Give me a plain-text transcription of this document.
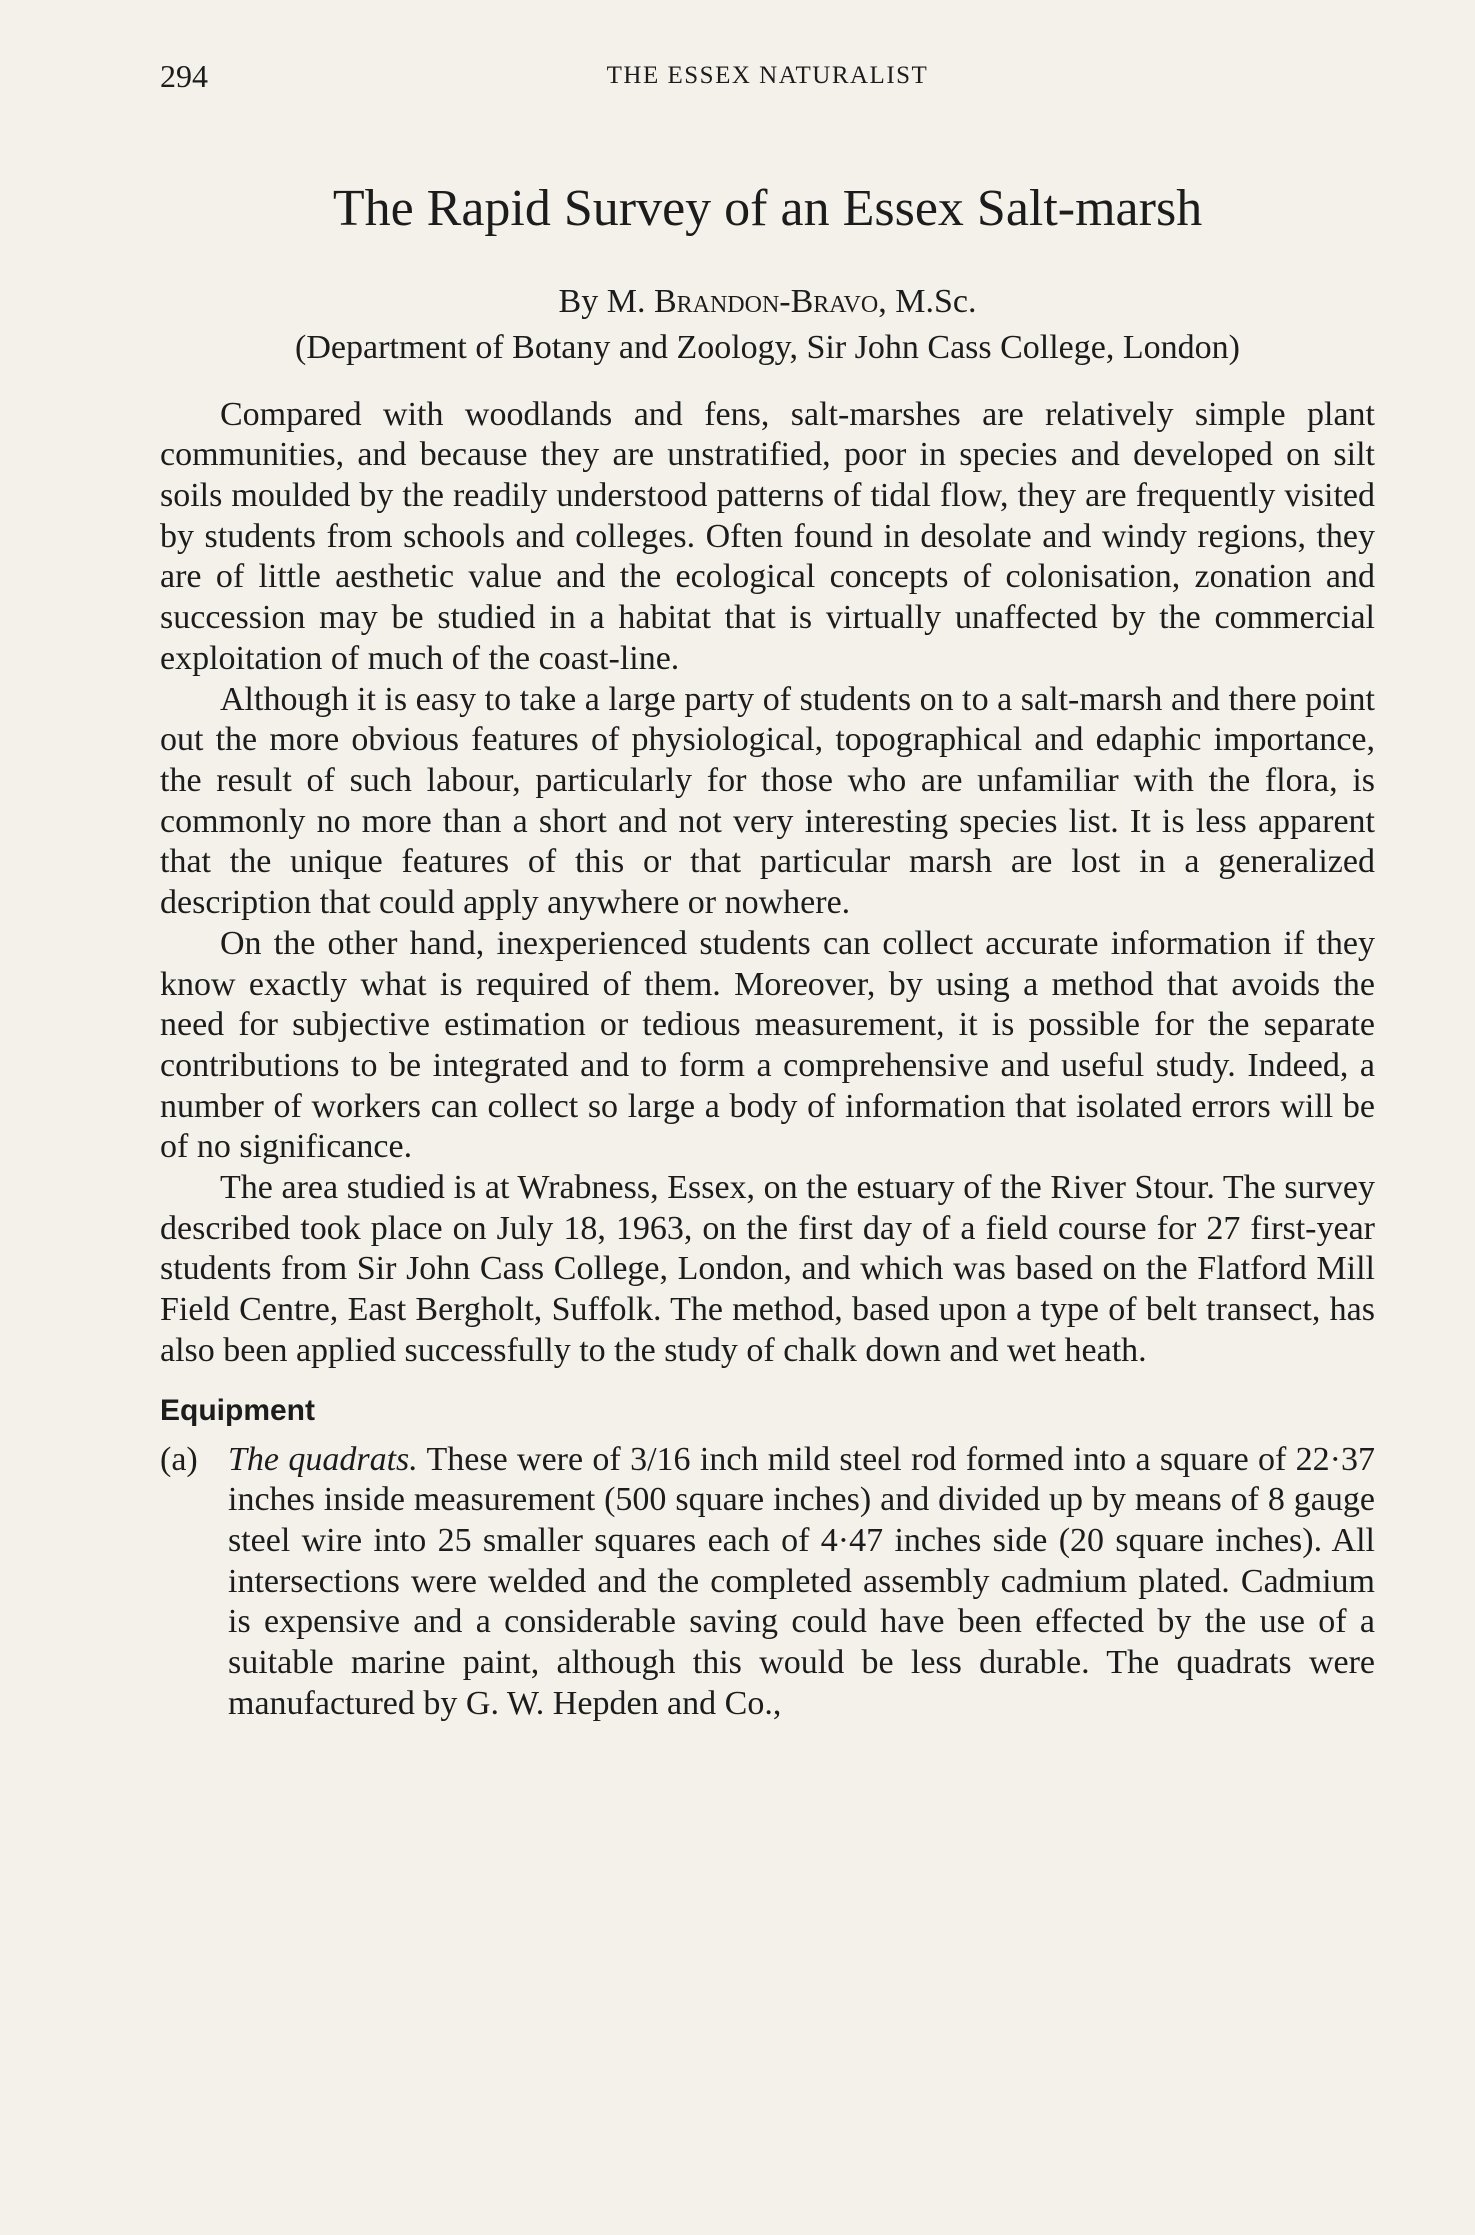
294	THE ESSEX NATURALIST
The Rapid Survey of an Essex Salt-marsh
By M. Brandon-Bravo, M.Sc.
(Department of Botany and Zoology, Sir John Cass College, London)

Compared with woodlands and fens, salt-marshes are relatively simple plant communities, and because they are unstratified, poor in species and developed on silt soils moulded by the readily understood patterns of tidal flow, they are frequently visited by students from schools and colleges. Often found in desolate and windy regions, they are of little aesthetic value and the ecological concepts of colonisation, zonation and succession may be studied in a habitat that is virtually unaffected by the commercial exploitation of much of the coast-line.

Although it is easy to take a large party of students on to a salt-marsh and there point out the more obvious features of physiological, topographical and edaphic importance, the result of such labour, particularly for those who are unfamiliar with the flora, is commonly no more than a short and not very interesting species list. It is less apparent that the unique features of this or that particular marsh are lost in a generalized description that could apply anywhere or nowhere.

On the other hand, inexperienced students can collect accurate information if they know exactly what is required of them. Moreover, by using a method that avoids the need for subjective estimation or tedious measurement, it is possible for the separate contributions to be integrated and to form a comprehensive and useful study. Indeed, a number of workers can collect so large a body of information that isolated errors will be of no significance.

The area studied is at Wrabness, Essex, on the estuary of the River Stour. The survey described took place on July 18, 1963, on the first day of a field course for 27 first-year students from Sir John Cass College, London, and which was based on the Flatford Mill Field Centre, East Bergholt, Suffolk. The method, based upon a type of belt transect, has also been applied successfully to the study of chalk down and wet heath.

Equipment
(a) The quadrats. These were of 3/16 inch mild steel rod formed into a square of 22·37 inches inside measurement (500 square inches) and divided up by means of 8 gauge steel wire into 25 smaller squares each of 4·47 inches side (20 square inches). All intersections were welded and the completed assembly cadmium plated. Cadmium is expensive and a considerable saving could have been effected by the use of a suitable marine paint, although this would be less durable. The quadrats were manufactured by G. W. Hepden and Co.,
